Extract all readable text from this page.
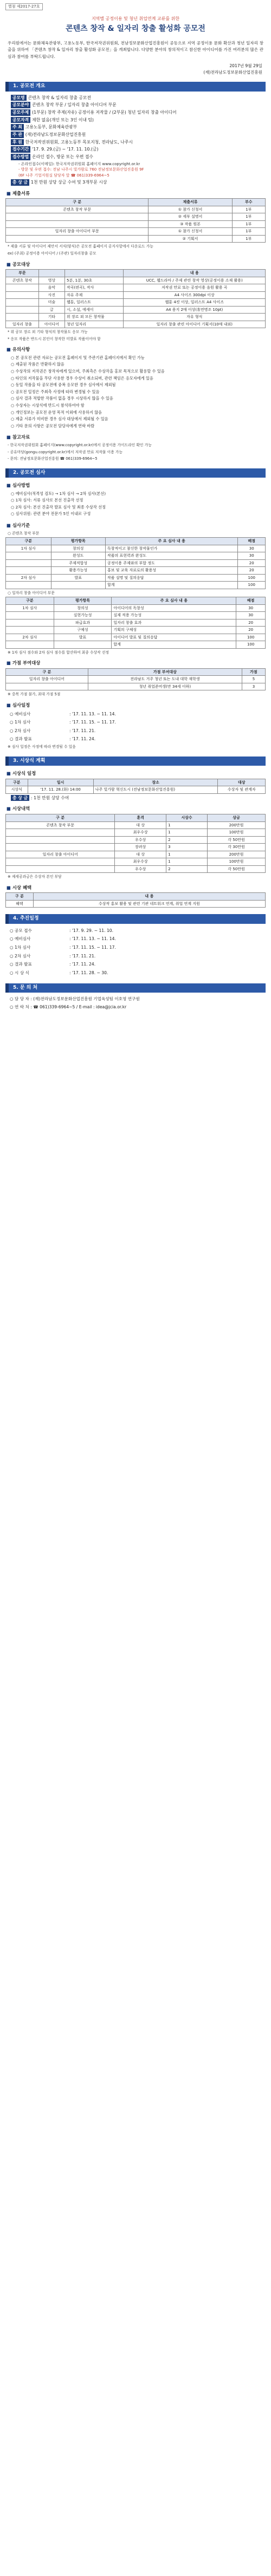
별첨 제2017-27호
지역별 공정이용 및 청년 취업연계 교류를 위한
콘텐츠 창작 & 일자리 창출 활성화 공모전
우리원에서는 문화체육관광부, 고용노동부, 한국저작권위원회, 전남정보문화산업진흥원이 공동으로 지역 공정이용 문화 확산과 청년 일자리 창출을 위하여 「콘텐츠 창작 & 일자리 창출 활성화 공모전」을 개최합니다. 다양한 분야의 창의적이고 참신한 아이디어를 가진 여러분의 많은 관심과 참여를 부탁드립니다.
2017년 9월 29일
(재)전라남도정보문화산업진흥원
1. 공모전 개요
공모명 콘텐츠 창작 & 일자리 창출 공모전
공모분야 콘텐츠 창작 부문 / 일자리 창출 아이디어 부문
공모주제 (1부문) 창작 주제(자유) 공정이용 저작물 / (2부문) 청년 일자리 창출 아이디어
공모자격 제한 없음(개인 또는 3인 이내 팀)
주 최 고용노동부, 문화체육관광부
주 관 (재)전라남도정보문화산업진흥원
후 원 한국저작권위원회, 고용노동부 목포지청, 전라남도, 나주시
접수기간 '17. 9. 29.(금) ~ '17. 11. 10.(금)
접수방법 온라인 접수, 방문 또는 우편 접수
- 온라인접수(이메일): 한국저작권위원회 홈페이지 www.copyright.or.kr
- 방문 및 우편 접수: 전남 나주시 빛가람로 760 전남정보문화산업진흥원 9F
(6F 나주 기업지원실 담당자 앞 ☎ 061)339-6964~5
총 상 금 1천 만원 상당 상금 수여 및 3개부문 시상
■ 제출서류
구 분	제출서류	부수
콘텐츠 창작 부문	① 참가 신청서	1부
	② 세부 설명서	1부
	③ 작품 원본	1부
일자리 창출 아이디어 부문	① 참가 신청서	1부
	② 기획서	1부
* 제출 서류 및 아이디어 제안서 서식(양식)은 공모전 홈페이지 공지사항에서 다운로드 가능
ex) (주최) 공정이용 아이디어 / (주관) 일자리창출 공모
■ 공모대상
부문			내 용
콘텐츠 창작	영상	5분, 1분, 30초	UCC, 웹드라마 / 주제 관련 창작 영상(공정이용 소재 활용)
	음악	작곡(편곡), 작사	저작권 만료 또는 공정이용 음원 활용 곡
	사진	자유 주제	A4 사이즈 300dpi 이상
	미술	웹툰, 일러스트	웹툰 4컷 이상, 일러스트 A4 사이즈
	글	시, 소설, 에세이	A4 용지 2매 이상(휴먼명조 10pt)
	기타	위 장르 외 모든 창작물	자유 형식
일자리 창출	아이디어	청년 일자리	일자리 창출 관련 아이디어 기획서(10매 내외)
* 위 공모 장르 외 기타 형식의 창작물도 응모 가능
* 응모 작품은 반드시 본인이 창작한 미발표 작품이어야 함
■ 유의사항
○ 본 공모전 관련 자료는 공모전 홈페이지 및 주관기관 홈페이지에서 확인 가능
○ 제출된 작품은 반환하지 않음
○ 수상작의 저작권은 창작자에게 있으며, 주최측은 수상작을 홍보 목적으로 활용할 수 있음
○ 타인의 저작물을 무단 사용한 경우 수상이 취소되며, 관련 책임은 응모자에게 있음
○ 동일 작품을 타 공모전에 중복 응모한 경우 심사에서 제외됨
○ 공모전 일정은 주최측 사정에 따라 변경될 수 있음
○ 심사 결과 적합한 작품이 없을 경우 시상하지 않을 수 있음
○ 수상자는 시상식에 반드시 참석하여야 함
○ 개인정보는 공모전 운영 목적 이외에 사용하지 않음
○ 제출 서류가 미비한 경우 심사 대상에서 제외될 수 있음
○ 기타 문의 사항은 공모전 담당자에게 연락 바람
■ 참고자료
- 한국저작권위원회 홈페이지(www.copyright.or.kr)에서 공정이용 가이드라인 확인 가능
- 공유마당(gongu.copyright.or.kr)에서 저작권 만료 저작물 이용 가능
- 문의: 전남정보문화산업진흥원 ☎ 061)339-6964~5
2. 공모전 심사
■ 심사방법
○ 예비심사(적격성 검토) → 1차 심사 → 2차 심사(본선)
○ 1차 심사: 서류 심사로 본선 진출작 선정
○ 2차 심사: 본선 진출작 발표 심사 및 최종 수상작 선정
○ 심사위원: 관련 분야 전문가 5인 이내로 구성
■ 심사기준
○ 콘텐츠 창작 부문
구분	평가항목	주 요 심사 내 용	배점
1차 심사	창의성	독창적이고 참신한 창작물인가	30
	완성도	작품의 표현력과 완성도	30
	주제적합성	공정이용 주제와의 부합 정도	20
	활용가능성	홍보 및 교육 자료로의 활용성	20
2차 심사	발표	작품 설명 및 질의응답	100
		합계	100
○ 일자리 창출 아이디어 부문
구분	평가항목	주 요 심사 내 용	배점
1차 심사	창의성	아이디어의 독창성	30
	실현가능성	실제 적용 가능성	30
	파급효과	일자리 창출 효과	20
	구체성	기획의 구체성	20
2차 심사	발표	아이디어 발표 및 질의응답	100
		합계	100
※ 1차 심사 점수와 2차 심사 점수를 합산하여 최종 수상작 선정
■ 가점 부여대상
구 분	가점 부여대상	가점
일자리 창출 아이디어	전라남도 거주 청년 또는 도내 대학 재학생	5
	청년 취업준비생(만 34세 이하)	3
※ 중복 가점 불가, 최대 가점 5점
■ 심사일정
○ 예비심사	: '17. 11. 13. ~ 11. 14.
○ 1차 심사	: '17. 11. 15. ~ 11. 17.
○ 2차 심사	: '17. 11. 21.
○ 결과 발표	: '17. 11. 24.
※ 심사 일정은 사정에 따라 변경될 수 있음
3. 시상식 계획
■ 시상식 일정
구분	일시	장소	대상
시상식	'17. 11. 28.(화) 14:00	나주 빛가람 혁신도시 (전남정보문화산업진흥원)	수상자 및 관계자
총 상 금 : 1천 만원 상당 수여
■ 시상내역
구 분	훈격	시상수	상금
콘텐츠 창작 부문	대 상	1	200만원
	최우수상	1	100만원
	우수상	2	각 50만원
	장려상	3	각 30만원
일자리 창출 아이디어	대 상	1	200만원
	최우수상	1	100만원
	우수상	2	각 50만원
※ 제세공과금은 수상자 본인 부담
■ 시상 혜택
구 분	내 용
혜택	수상작 홍보 활용 및 관련 기관 네트워크 연계, 취업 연계 지원
4. 추진일정
○ 공모 접수	: '17. 9. 29. ~ 11. 10.
○ 예비심사	: '17. 11. 13. ~ 11. 14.
○ 1차 심사	: '17. 11. 15. ~ 11. 17.
○ 2차 심사	: '17. 11. 21.
○ 결과 발표	: '17. 11. 24.
○ 시 상 식	: '17. 11. 28. ~ 30.
5. 문 의 처
○ 담 당 자 : (재)전라남도정보문화산업진흥원 기업육성팀 이호영 연구원
○ 연 락 처 : ☎ 061)339-6964~5 / E-mail : idea@jcia.or.kr
